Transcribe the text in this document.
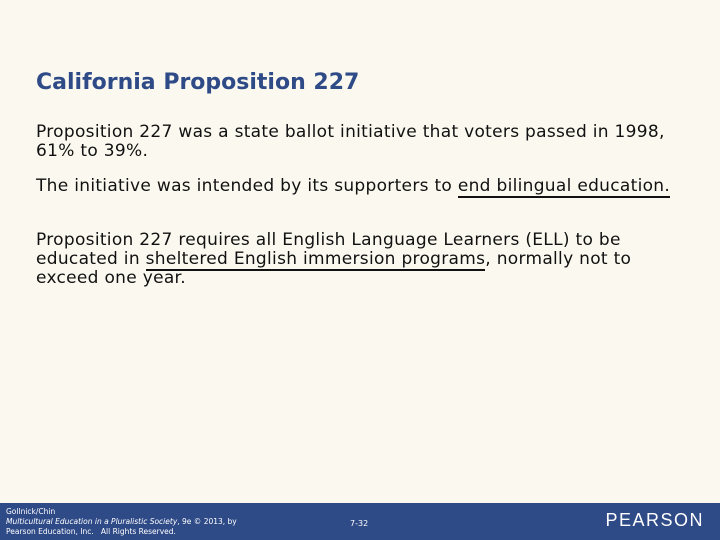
California Proposition 227
Proposition 227 was a state ballot initiative that voters passed in 1998, 61% to 39%.
The initiative was intended by its supporters to end bilingual education.
Proposition 227 requires all English Language Learners (ELL) to be educated in sheltered English immersion programs, normally not to exceed one year.
Gollnick/Chin
Multicultural Education in a Pluralistic Society, 9e © 2013, by
Pearson Education, Inc.   All Rights Reserved.
7-32	PEARSON
